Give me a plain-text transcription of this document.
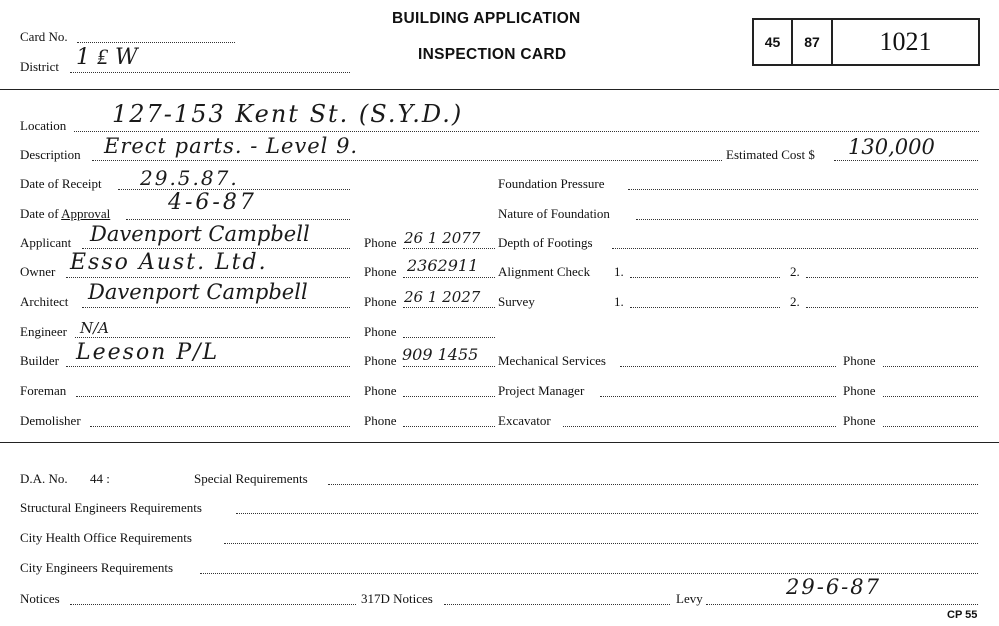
Card No.
District 1 ₤ W
BUILDING APPLICATION
INSPECTION CARD
45	87	1021
Location 127-153 Kent St. (S.Y.D.)
Description Erect parts. - Level 9.	Estimated Cost $ 130,000
Date of Receipt 29.5.87.	Foundation Pressure
Date of Approval	4-6-87	Nature of Foundation
Applicant Davenport Campbell	Phone 26 1 2077 Depth of Footings
Owner Esso Aust. Ltd.	Phone 2362911 Alignment Check 1.	2.
Architect Davenport Campbell	Phone 26 1 2027 Survey	1.	2.
Engineer N/A	Phone
Builder Leeson P/L	Phone 909 1455 Mechanical Services	Phone
Foreman	Phone	Project Manager	Phone
Demolisher	Phone	Excavator	Phone
D.A. No. 44 :	Special Requirements
Structural Engineers Requirements
City Health Office Requirements
City Engineers Requirements
Notices	317D Notices	Levy	29-6-87
CP 55
